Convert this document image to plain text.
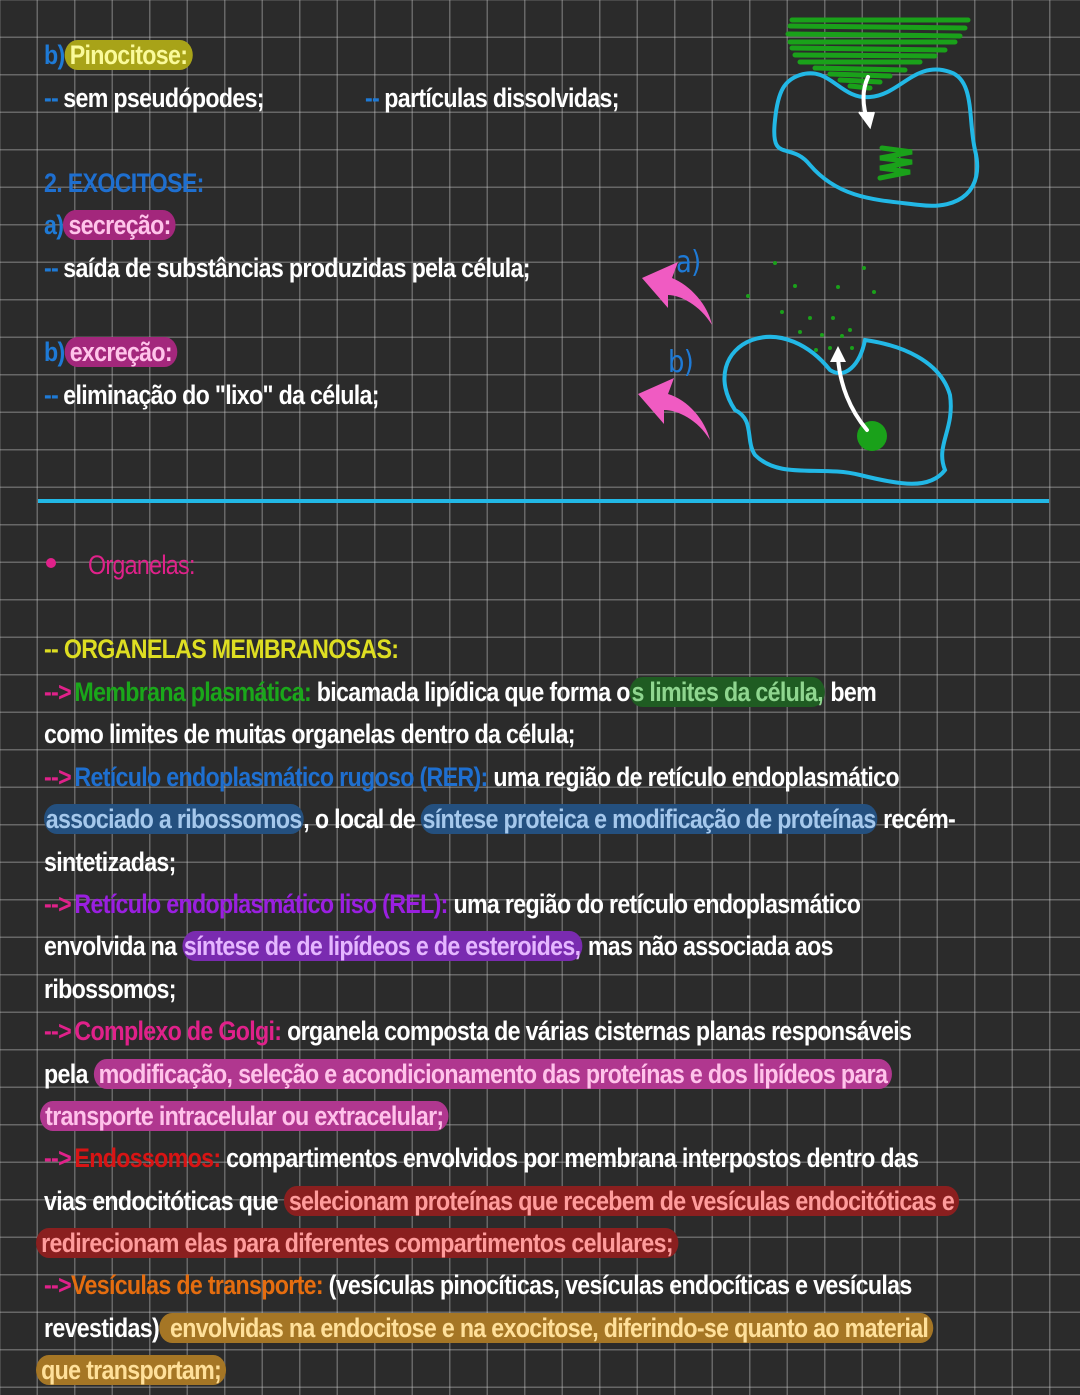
a)
b)
b) Pinocitose:
-- sem pseudópodes;	-- partículas dissolvidas;
2. EXOCITOSE:
a) secreção:
-- saída de substâncias produzidas pela célula;
b) excreção:
-- eliminação do "lixo" da célula;
Organelas:
-- ORGANELAS MEMBRANOSAS:
--> Membrana plasmática: bicamada lipídica que forma os limites da célula, bem
como limites de muitas organelas dentro da célula;
--> Retículo endoplasmático rugoso (RER): uma região de retículo endoplasmático
associado a ribossomos, o local de síntese proteica e modificação de proteínas recém-
sintetizadas;
--> Retículo endoplasmático liso (REL): uma região do retículo endoplasmático
envolvida na síntese de de lipídeos e de esteroides, mas não associada aos
ribossomos;
--> Complexo de Golgi: organela composta de várias cisternas planas responsáveis
pela modificação, seleção e acondicionamento das proteínas e dos lipídeos para
transporte intracelular ou extracelular;
--> Endossomos: compartimentos envolvidos por membrana interpostos dentro das
vias endocitóticas que selecionam proteínas que recebem de vesículas endocitóticas e
redirecionam elas para diferentes compartimentos celulares;
-->Vesículas de transporte: (vesículas pinocíticas, vesículas endocíticas e vesículas
revestidas) envolvidas na endocitose e na exocitose, diferindo-se quanto ao material
que transportam;
